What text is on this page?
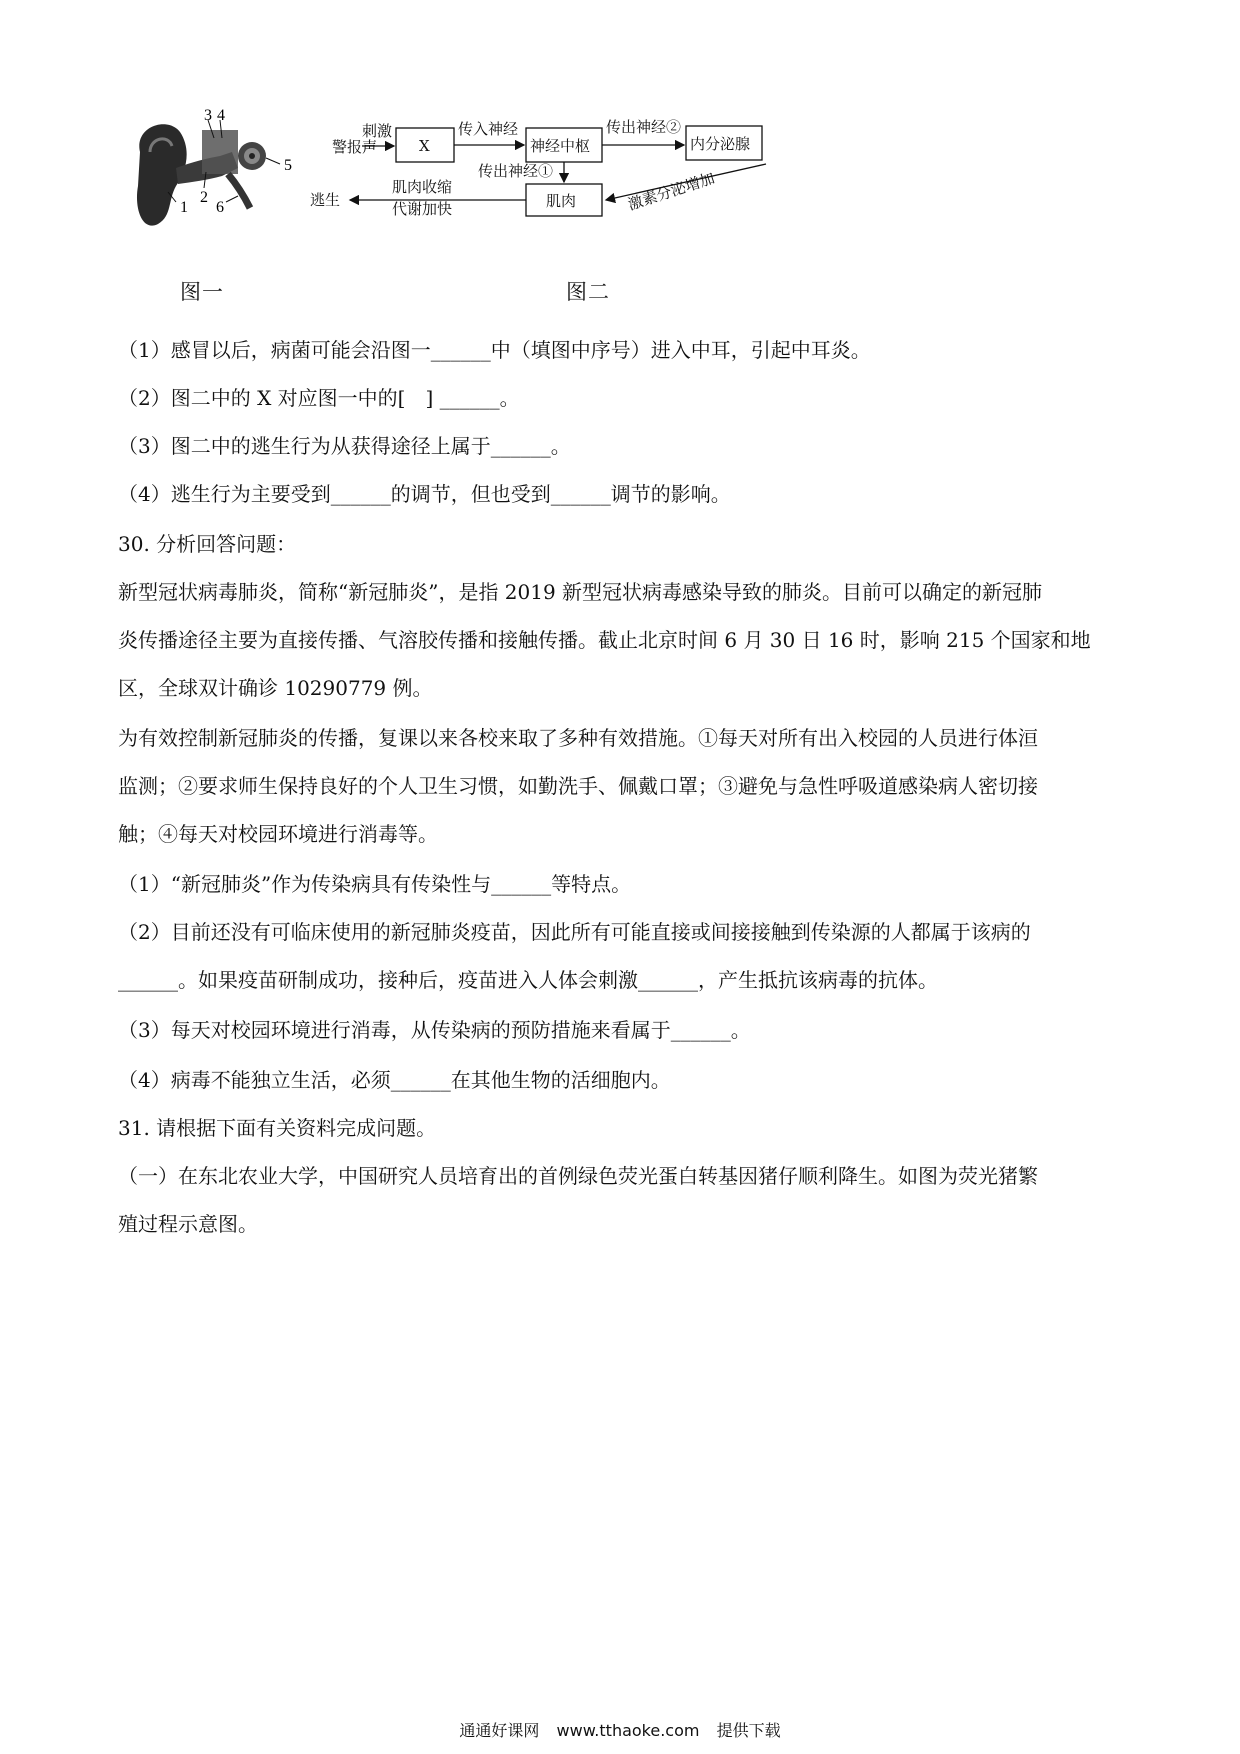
3 4
5
1
2
6
警报声
刺激
X
传入神经
神经中枢
传出神经②
内分泌腺
传出神经①
肌肉	激素分泌增加
肌肉收缩
代谢加快
逃生
图一	图二
（1）感冒以后，病菌可能会沿图一______中（填图中序号）进入中耳，引起中耳炎。
（2）图二中的 X 对应图一中的[　] ______。
（3）图二中的逃生行为从获得途径上属于______。
（4）逃生行为主要受到______的调节，但也受到______调节的影响。
30. 分析回答问题：
新型冠状病毒肺炎，简称“新冠肺炎”，是指 2019 新型冠状病毒感染导致的肺炎。目前可以确定的新冠肺
炎传播途径主要为直接传播、气溶胶传播和接触传播。截止北京时间 6 月 30 日 16 时，影响 215 个国家和地
区，全球双计确诊 10290779 例。
为有效控制新冠肺炎的传播，复课以来各校来取了多种有效措施。①每天对所有出入校园的人员进行体洹
监测；②要求师生保持良好的个人卫生习惯，如勤洗手、佩戴口罩；③避免与急性呼吸道感染病人密切接
触；④每天对校园环境进行消毒等。
（1）“新冠肺炎”作为传染病具有传染性与______等特点。
（2）目前还没有可临床使用的新冠肺炎疫苗，因此所有可能直接或间接接触到传染源的人都属于该病的
______。如果疫苗研制成功，接种后，疫苗进入人体会刺激______，产生抵抗该病毒的抗体。
（3）每天对校园环境进行消毒，从传染病的预防措施来看属于______。
（4）病毒不能独立生活，必须______在其他生物的活细胞内。
31. 请根据下面有关资料完成问题。
（一）在东北农业大学，中国研究人员培育出的首例绿色荧光蛋白转基因猪仔顺利降生。如图为荧光猪繁
殖过程示意图。
通通好课网 www.tthaoke.com 提供下载
